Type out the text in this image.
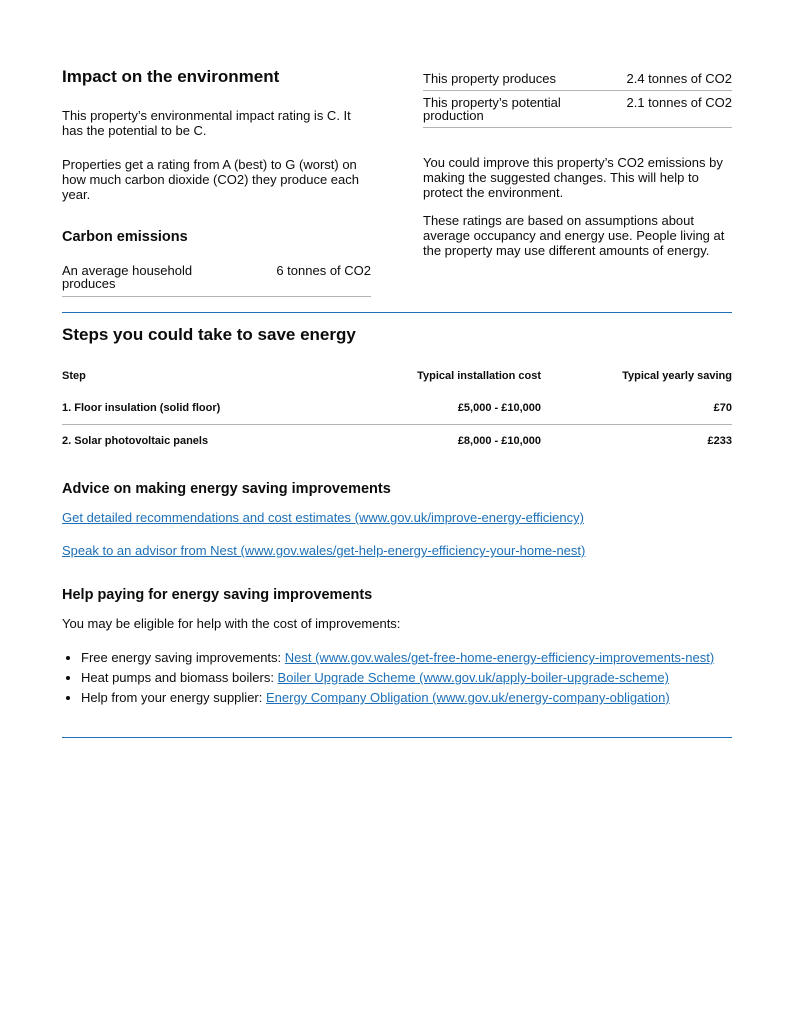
Impact on the environment

This property’s environmental impact rating is C. It has the potential to be C.

Properties get a rating from A (best) to G (worst) on how much carbon dioxide (CO2) they produce each year.

Carbon emissions
An average household produces
6 tonnes of CO2
This property produces	2.4 tonnes of CO2
This property’s potential production
2.1 tonnes of CO2

You could improve this property’s CO2 emissions by making the suggested changes. This will help to protect the environment.

These ratings are based on assumptions about average occupancy and energy use. People living at the property may use different amounts of energy.

Steps you could take to save energy
Step	Typical installation cost	Typical yearly saving
1. Floor insulation (solid floor)	£5,000 - £10,000	£70
2. Solar photovoltaic panels	£8,000 - £10,000	£233
Advice on making energy saving improvements
Get detailed recommendations and cost estimates (www.gov.uk/improve-energy-efficiency)
Speak to an advisor from Nest (www.gov.wales/get-help-energy-efficiency-your-home-nest)
Help paying for energy saving improvements

You may be eligible for help with the cost of improvements:

• Free energy saving improvements: Nest (www.gov.wales/get-free-home-energy-efficiency-improvements-nest)
• Heat pumps and biomass boilers: Boiler Upgrade Scheme (www.gov.uk/apply-boiler-upgrade-scheme)
• Help from your energy supplier: Energy Company Obligation (www.gov.uk/energy-company-obligation)
